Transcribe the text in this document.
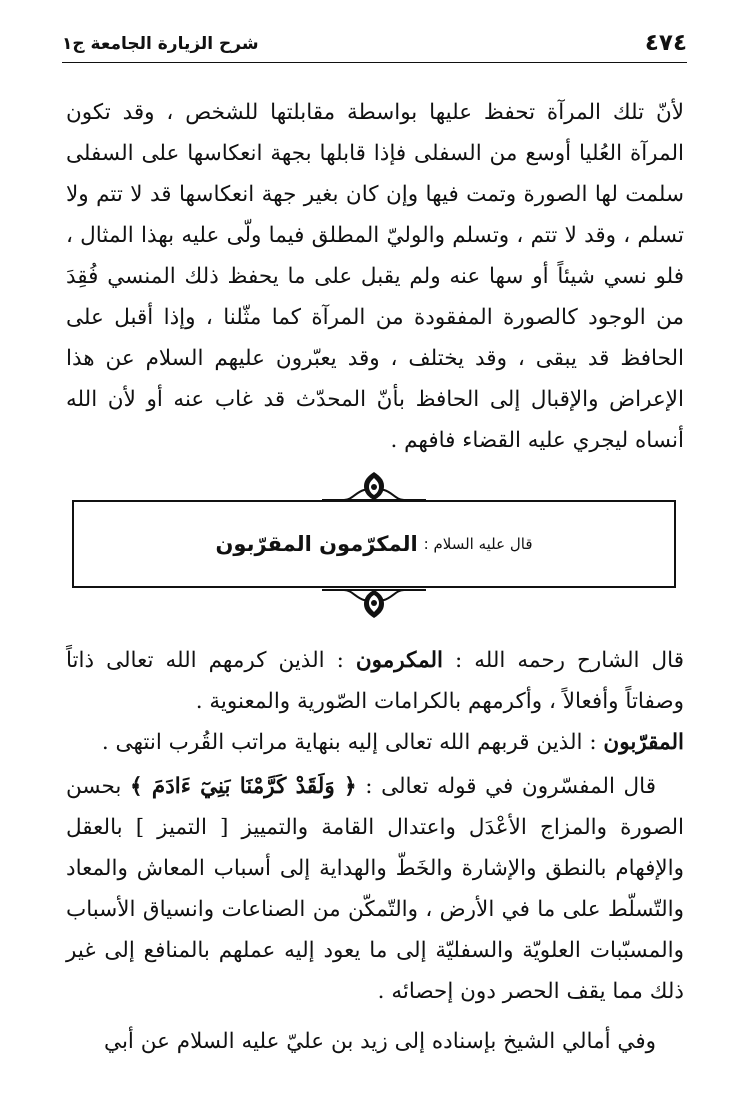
٤٧٤
شرح الزيارة الجامعة ج١

لأنّ تلك المرآة تحفظ عليها بواسطة مقابلتها للشخص ، وقد تكون المرآة العُليا أوسع من السفلى فإذا قابلها بجهة انعكاسها على السفلى سلمت لها الصورة وتمت فيها وإن كان بغير جهة انعكاسها قد لا تتم ولا تسلم ، وقد لا تتم ، وتسلم والوليّ المطلق فيما ولّى عليه بهذا المثال ، فلو نسي شيئاً أو سها عنه ولم يقبل على ما يحفظ ذلك المنسي فُقِدَ من الوجود كالصورة المفقودة من المرآة كما مثّلنا ، وإذا أقبل على الحافظ قد يبقى ، وقد يختلف ، وقد يعبّرون عليهم السلام عن هذا الإعراض والإقبال إلى الحافظ بأنّ المحدّث قد غاب عنه أو لأن الله أنساه ليجري عليه القضاء فافهم .

قال عليه السلام :
المكرّمون المقرّبون

قال الشارح رحمه الله : المكرمون : الذين كرمهم الله تعالى ذاتاً وصفاتاً وأفعالاً ، وأكرمهم بالكرامات الصّورية والمعنوية .
المقرّبون : الذين قربهم الله تعالى إليه بنهاية مراتب القُرب انتهى .

قال المفسّرون في قوله تعالى : ﴿ وَلَقَدْ كَرَّمْنَا بَنِيٓ ءَادَمَ ﴾ بحسن الصورة والمزاج الأعْدَل واعتدال القامة والتمييز [ التميز ] بالعقل والإفهام بالنطق والإشارة والخَطّ والهداية إلى أسباب المعاش والمعاد والتّسلّط على ما في الأرض ، والتّمكّن من الصناعات وانسياق الأسباب والمسبّبات العلويّة والسفليّة إلى ما يعود إليه عملهم بالمنافع إلى غير ذلك مما يقف الحصر دون إحصائه .

وفي أمالي الشيخ بإسناده إلى زيد بن عليّ عليه السلام عن أبي
